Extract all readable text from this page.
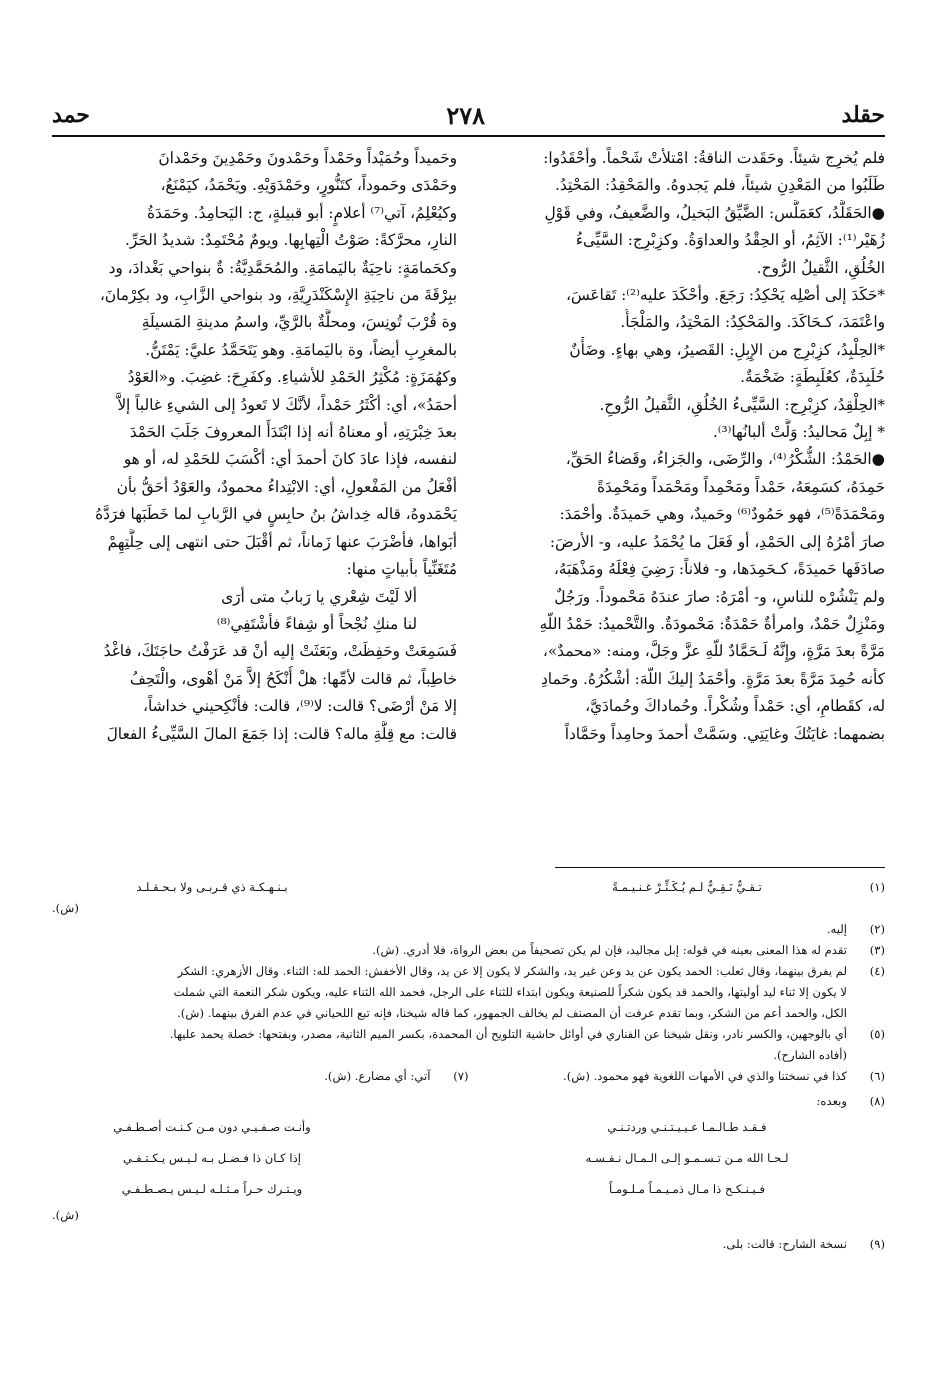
حقلد
٢٧٨
حمد
فلم يُخرِج شيئاً. وحَقَدت الناقةُ: امْتلأتْ شَحْماً. وأحْقَدُوا:
طَلَبُوا من المَعْدِنِ شيئاً، فلم يَجدوهُ. والمَحْقِدُ: المَحْتِدُ.
●الحَقَلَّدُ، كعَمَلَّس: الضَّيِّقُ البَخيلُ، والضَّعيفُ، وفي قَوْلِ
زُهَيْر⁽¹⁾: الآثِمُ، أو الحِقْدُ والعداوَةُ. وكزِبْرِج: السَّيِّىءُ
الخُلُقِ، الثَّقيلُ الرُّوح.
*حَكَدَ إلى أصْلِه يَحْكِدُ: رَجَعَ. وأحْكَدَ عليه⁽²⁾: تَقاعَسَ،
واعْتَمَدَ، كـحَاكَدَ. والمَحْكِدُ: المَحْتِدُ، والمَلْجَأُ.
*الحِلْبِدُ، كزِبْرِج من الإِبِلِ: القَصيرُ، وهي بهاءٍ. وضَأْنٌ
حُلَبِدَةٌ، كعُلَبِطَةٍ: ضَخْمَةٌ.
*الحِلْقِدُ، كزِبْرِج: السَّيِّىءُ الخُلُقِ، الثَّقيلُ الرُّوحِ.
* إبِلٌ مَحاليدُ: وَلَّتْ ألبانُها⁽³⁾.
●الحَمْدُ: الشُّكْرُ⁽⁴⁾، والرِّضَى، والجَزاءُ، وقَضاءُ الحَقِّ،
حَمِدَهُ، كسَمِعَهُ، حَمْداً ومَحْمِداً ومَحْمَداً ومَحْمِدَةً
ومَحْمَدَةً⁽⁵⁾، فهو حَمُودٌ⁽⁶⁾ وحَميدٌ، وهي حَميدَةٌ. وأحْمَدَ:
صارَ أمْرُهُ إلى الحَمْدِ، أو فَعَلَ ما يُحْمَدُ عليه، و- الأرضَ:
صادَفَها حَميدَةً، كـحَمِدَها، و- فلاناً: رَضِيَ فِعْلَهُ ومَذْهَبَهُ،
ولم يَنْشُرْه للناسِ، و- أمْرَهُ: صارَ عندَهُ مَحْموداً. ورَجُلٌ
ومَنْزِلٌ حَمْدٌ، وامرأةٌ حَمْدَةٌ: مَحْمودَةٌ. والتَّحْميدُ: حَمْدُ اللّهِ
مَرَّةً بعدَ مَرَّةٍ، وإِنَّهُ لَـحَمَّادٌ للّهِ عزَّ وجَلَّ، ومنه: «محمدٌ»،
كأنه حُمِدَ مَرَّةً بعدَ مَرَّةٍ. وأحْمَدُ إليكَ اللّهَ: أشْكُرُهُ. وحَمادِ
له، كقَطامِ، أي: حَمْداً وشُكْراً. وحُماداكَ وحُمادَيَّ،
بضمهما: غايَتُكَ وغايَتِي. وسَمَّتْ أحمدَ وحامِداً وحَمَّاداً
وحَميداً وحُمَيْداً وحَمْداً وحَمْدونَ وحَمْدِينَ وحَمْدانَ
وحَمْدَى وحَموداً، كتَنُّورٍ، وحَمْدَوَيْهِ. ويَحْمَدُ، كيَمْنَعُ،
وكيُعْلِمُ، آتي⁽⁷⁾ أعلامٍ: أبو قبيلةٍ، ج: اليَحامِدُ. وحَمَدَةُ
النارِ، محرَّكةً: صَوْتُ الْتِهابِها. ويومٌ مُحْتَمِدٌ: شديدُ الحَرِّ.
وكحَمامَةٍ: ناحِيَةٌ باليَمامَةِ. والمُحَمَّدِيَّةُ: ةٌ بنواحي بَغْدادَ، ود
ببِرْقَةَ من ناحِيَةِ الإِسْكَنْدَرِيَّةِ، ود بنواحي الزَّابِ، ود بكِرْمانَ،
وة قُرْبَ تُونِسَ، ومحلَّةٌ بالرَّيِّ، واسمُ مدينةِ المَسيلَةِ
بالمغرِبِ أيضاً، وة باليَمامَةِ. وهو يَتَحَمَّدُ عليَّ: يَمْتَنُّ.
وكهُمَزَةٍ: مُكْثِرُ الحَمْدِ للأشياءِ. وكفَرِحَ: غضِبَ. و«العَوْدُ
أحمَدُ»، أي: أكْثَرُ حَمْداً، لأنَّكَ لا تَعودُ إلى الشيءِ غالباً إلاَّ
بعدَ خِبْرَتِهِ، أو معناهُ أنه إذا ابْتَدَأَ المعروفَ جَلَبَ الحَمْدَ
لنفسه، فإذا عادَ كانَ أحمدَ أي: أكْسَبَ للحَمْدِ له، أو هو
أفْعَلُ من المَفْعولِ، أي: الابْتِداءُ محمودٌ، والعَوْدُ أحَقُّ بأن
يَحْمَدوهُ، قاله خِداشُ بنُ حابِسٍ في الرَّبابِ لما خَطَبَها فرَدَّهُ
أبَواها، فأضْرَبَ عنها زَماناً، ثم أقْبَلَ حتى انتهى إلى حِلَّتِهِمْ
مُتَغَنِّياً بأبياتٍ منها:
ألا لَيْتَ شِعْري يا رَبابُ متى أرَى
لنا منكِ نُجْحاً أو شِفاءً فأشْتَفِي⁽⁸⁾
فَسَمِعَتْ وحَفِظَتْ، وبَعَثَتْ إليه أنْ قد عَرَفْتُ حاجَتَكَ، فاغْدُ
خاطِباً، ثم قالت لأمِّها: هلْ أُنْكَحُ إلاَّ مَنْ أهْوى، والْتَحِفُ
إلا مَنْ أرْضَى؟ قالت: لا⁽⁹⁾، قالت: فأنْكِحيني خداشاً،
قالت: مع قِلَّةِ ماله؟ قالت: إذا جَمَعَ المالَ السَّيِّىءُ الفعالَ
(١)
تـقـيٌّ نَـقِـيٌّ لـم يُـكَـثِّـرْ غـنـيـمـةً
بـنـهـكـة ذي قـربـى ولا بـحـقـلـد
(ش).
(٢)
إليه.
(٣)
تقدم له هذا المعنى بعينه في قوله: إبل مجاليد، فإن لم يكن تصحيفاً من بعض الرواة، فلا أدري. (ش).
(٤)
لم يفرق بينهما، وقال ثعلب: الحمد يكون عن يد وعن غير يد، والشكر لا يكون إلا عن يد، وقال الأخفش: الحمد لله: الثناء. وقال الأزهري: الشكر
لا يكون إلا ثناء ليد أوليتها، والحمد قد يكون شكراً للصنيعة ويكون ابتداء للثناء على الرجل، فحمد الله الثناء عليه، ويكون شكر النعمة التي شملت
الكل، والحمد أعم من الشكر، وبما تقدم عرفت أن المصنف لم يخالف الجمهور، كما قاله شيخنا، فإنه تبع اللحياني في عدم الفرق بينهما. (ش).
(٥)
أي بالوجهين، والكسر نادر، ونقل شيخنا عن الفناري في أوائل حاشية التلويح أن المحمدة، بكسر الميم الثانية، مصدر، وبفتحها: خصلة يحمد عليها.
(أفاده الشارح).
(٦)
كذا في نسختنا والذي في الأمهات اللغوية فهو محمود. (ش).
(٧)
آتي: أي مضارع. (ش).
(٨)
وبعده:
فـقـد طـالـمـا عـيـيـتـنـي وردتـنـي
وأنـت صـفـيـي دون مـن كـنـت أصـطـفـي
لـحـا الله مـن تـسـمـو إلـى الـمـال نـفـسـه
إذا كـان ذا فـضـل بـه لـيـس يـكـتـفـي
فـيـنـكـح ذا مـال ذمـيـمـاً مـلـومـاً
ويـتـرك حـراً مـثـلـه لـيـس يـصـطـفـي
(ش).
(٩)
نسخة الشارح: قالت: بلى.
